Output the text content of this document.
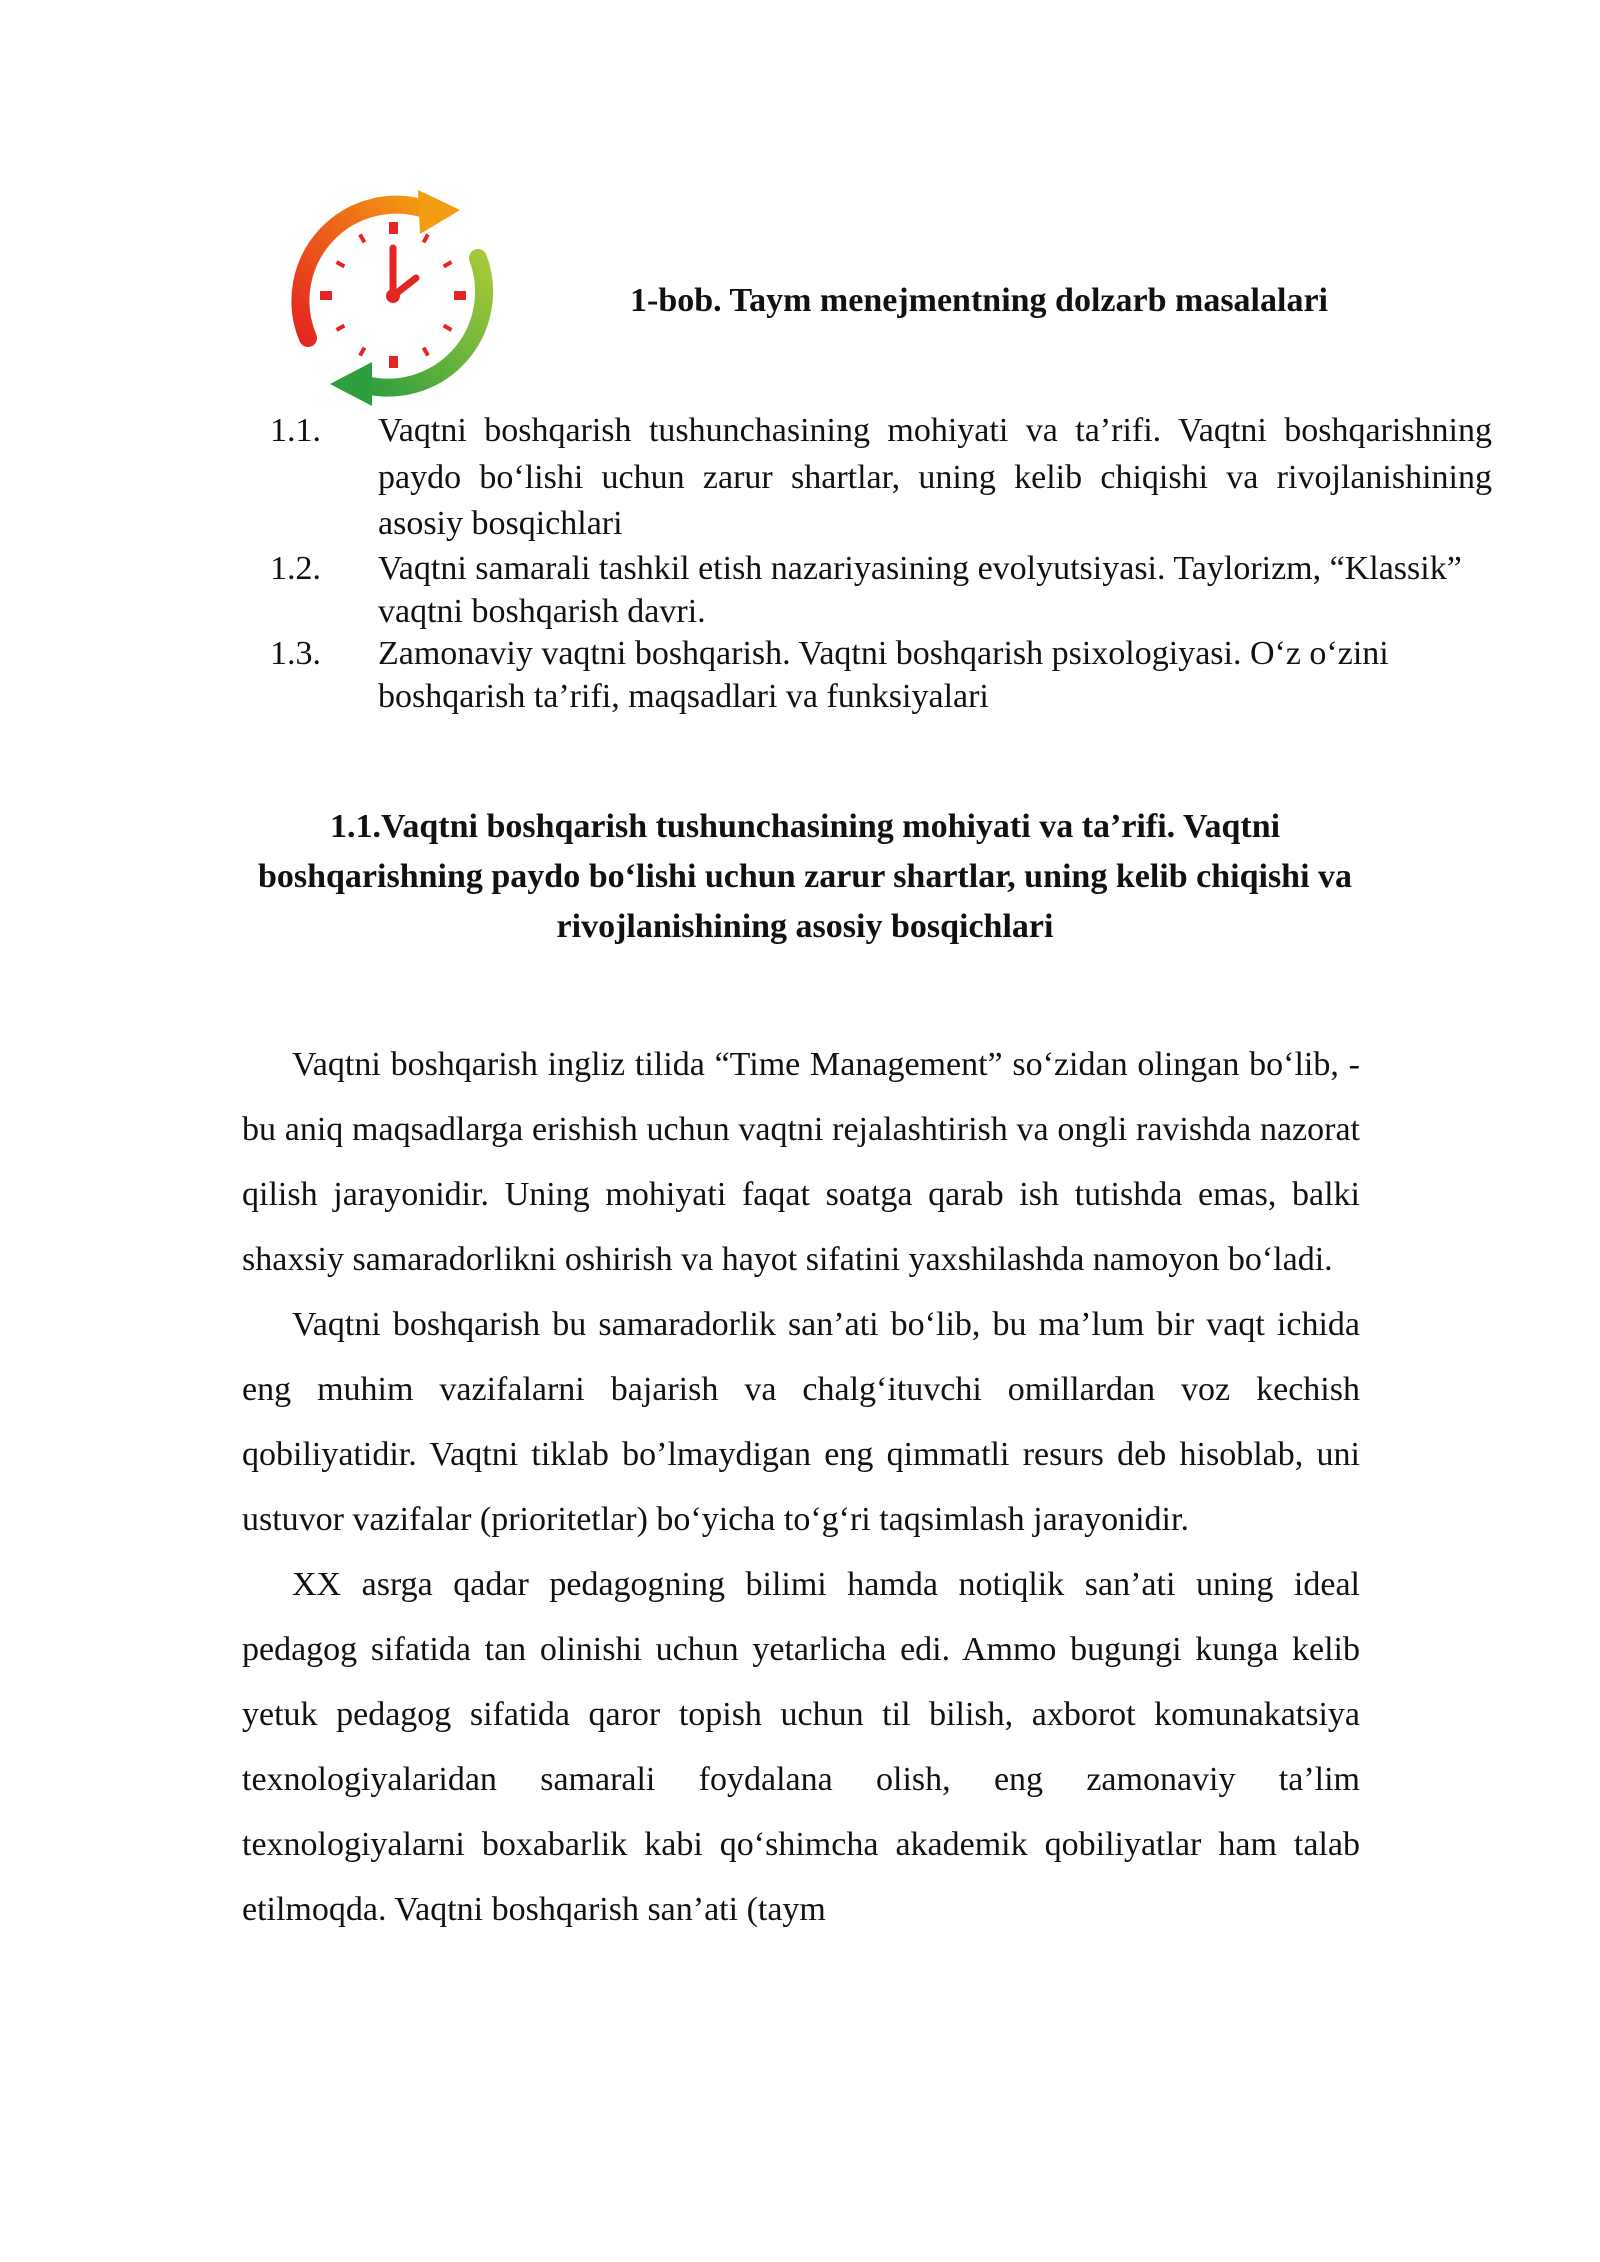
1-bob. Taym menejmentning dolzarb masalalari
1.1. Vaqtni boshqarish tushunchasining mohiyati va ta’rifi. Vaqtni boshqarishning paydo bo‘lishi uchun zarur shartlar, uning kelib chiqishi va rivojlanishining asosiy bosqichlari
1.2. Vaqtni samarali tashkil etish nazariyasining evolyutsiyasi. Taylorizm, “Klassik” vaqtni boshqarish davri.
1.3. Zamonaviy vaqtni boshqarish. Vaqtni boshqarish psixologiyasi. O‘z o‘zini boshqarish ta’rifi, maqsadlari va funksiyalari
1.1.Vaqtni boshqarish tushunchasining mohiyati va ta’rifi. Vaqtni boshqarishning paydo bo‘lishi uchun zarur shartlar, uning kelib chiqishi va rivojlanishining asosiy bosqichlari

Vaqtni boshqarish ingliz tilida “Time Management” so‘zidan olingan bo‘lib, - bu aniq maqsadlarga erishish uchun vaqtni rejalashtirish va ongli ravishda nazorat qilish jarayonidir. Uning mohiyati faqat soatga qarab ish tutishda emas, balki shaxsiy samaradorlikni oshirish va hayot sifatini yaxshilashda namoyon bo‘ladi.

Vaqtni boshqarish bu samaradorlik san’ati bo‘lib, bu ma’lum bir vaqt ichida eng muhim vazifalarni bajarish va chalg‘ituvchi omillardan voz kechish qobiliyatidir. Vaqtni tiklab bo’lmaydigan eng qimmatli resurs deb hisoblab, uni ustuvor vazifalar (prioritetlar) bo‘yicha to‘g‘ri taqsimlash jarayonidir.

XX asrga qadar pedagogning bilimi hamda notiqlik san’ati uning ideal pedagog sifatida tan olinishi uchun yetarlicha edi. Ammo bugungi kunga kelib yetuk pedagog sifatida qaror topish uchun til bilish, axborot komunakatsiya texnologiyalaridan samarali foydalana olish, eng zamonaviy ta’lim texnologiyalarni boxabarlik kabi qo‘shimcha akademik qobiliyatlar ham talab etilmoqda. Vaqtni boshqarish san’ati (taym
